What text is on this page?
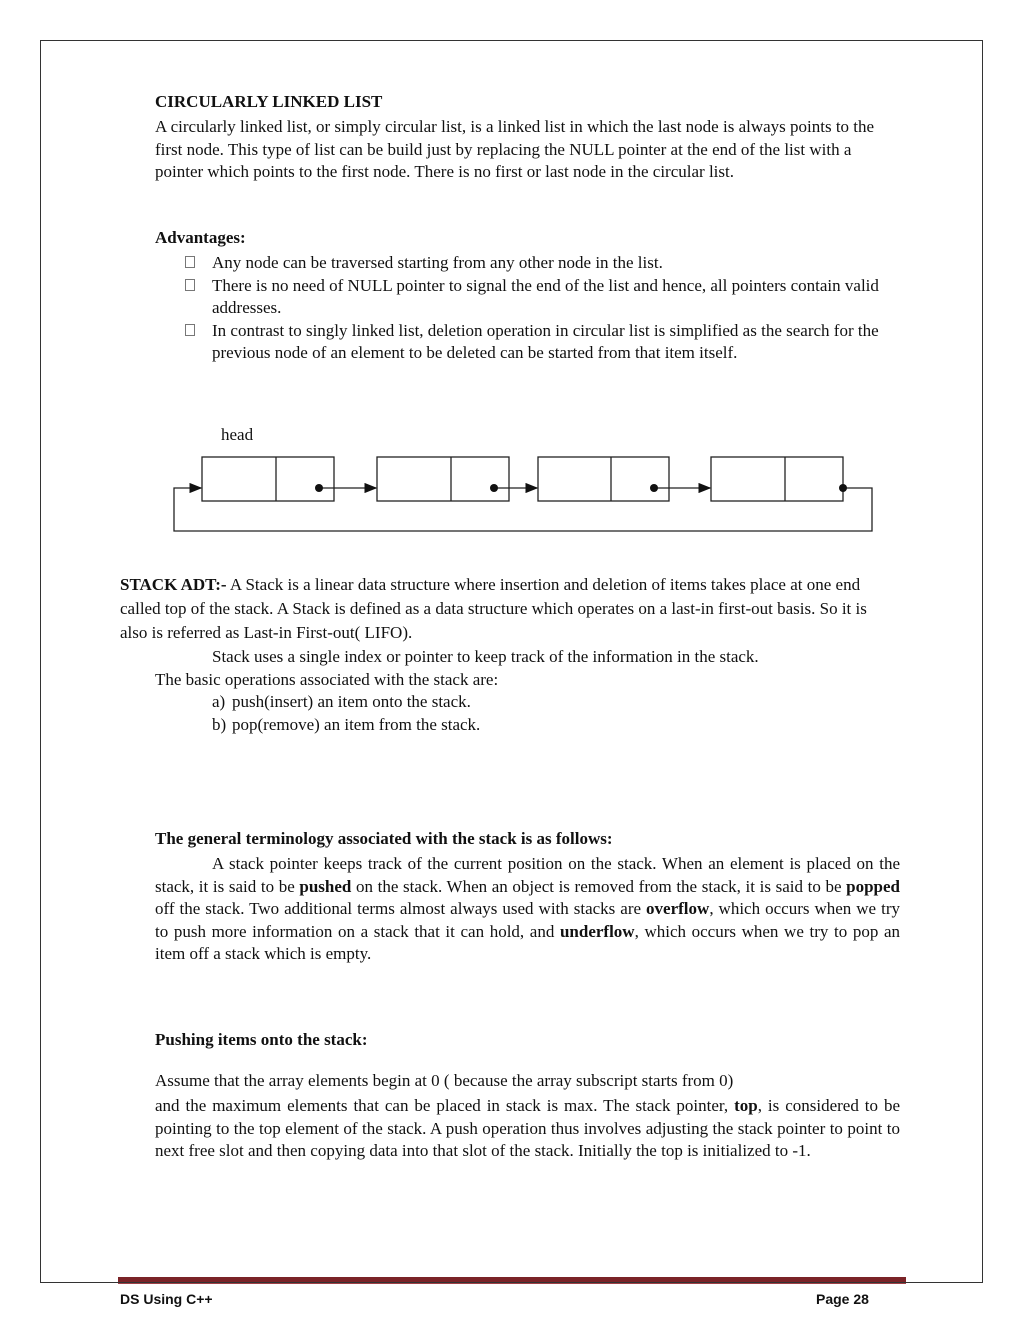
CIRCULARLY LINKED LIST
A circularly linked list, or simply circular list, is a linked list in which the last node is always points to the first node. This type of list can be build just by replacing the NULL pointer at the end of the list with a pointer which points to the first node. There is no first or last node in the circular list.
Advantages:
Any node can be traversed starting from any other node in the list.
There is no need of NULL pointer to signal the end of the list and hence, all pointers contain valid addresses.
In contrast to singly linked list, deletion operation in circular list is simplified as the search for the previous node of an element to be deleted can be started from that item itself.
head
STACK ADT:- A Stack is a linear data structure where insertion and deletion of items takes place at one end called top of the stack. A Stack is defined as a data structure which operates on a last-in first-out basis. So it is also is referred as Last-in First-out( LIFO).
Stack uses a single index or pointer to keep track of the information in the stack.
The basic operations associated with the stack are:
a) push(insert) an item onto the stack.
b) pop(remove) an item from the stack.
The general terminology associated with the stack is as follows:
A stack pointer keeps track of the current position on the stack. When an element is placed on the stack, it is said to be pushed on the stack. When an object is removed from the stack, it is said to be popped off the stack. Two additional terms almost always used with stacks are overflow, which occurs when we try to push more information on a stack that it can hold, and underflow, which occurs when we try to pop an item off a stack which is empty.
Pushing items onto the stack:
Assume that the array elements begin at 0 ( because the array subscript starts from 0)
and the maximum elements that can be placed in stack is max. The stack pointer, top, is considered to be pointing to the top element of the stack. A push operation thus involves adjusting the stack pointer to point to next free slot and then copying data into that slot of the stack. Initially the top is initialized to -1.
DS Using C++	Page 28
